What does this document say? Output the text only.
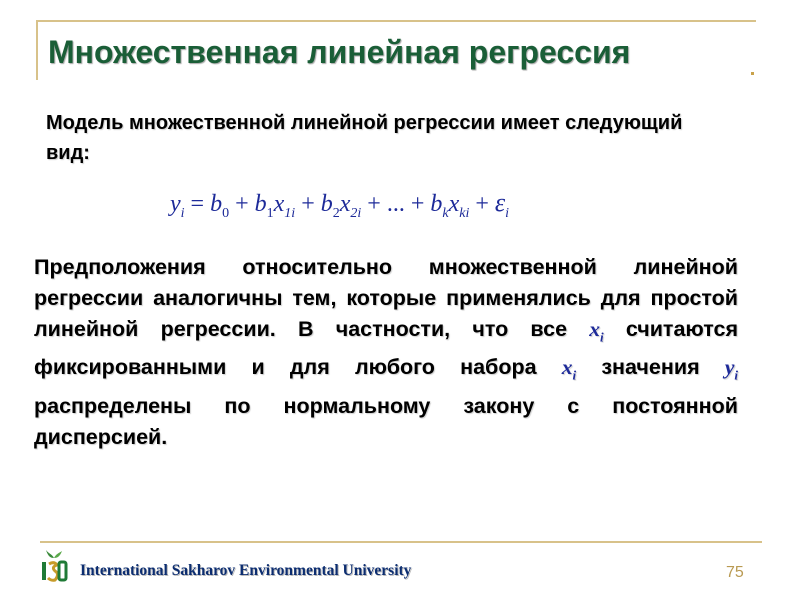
Множественная линейная регрессия

Модель множественной линейной регрессии имеет следующий вид:

$y_i = b_0 + b_1x_{1i} + b_2x_{2i}$ + ... + $b_kx_{ki} + \varepsilon_i$

Предположения относительно множественной линейной регрессии аналогичны тем, которые применялись для простой линейной регрессии. В частности, что все $x_i$ считаются фиксированными и для любого набора $x_i$ значения $y_i$ распределены по нормальному закону с постоянной дисперсией.

International Sakharov Environmental University	75
